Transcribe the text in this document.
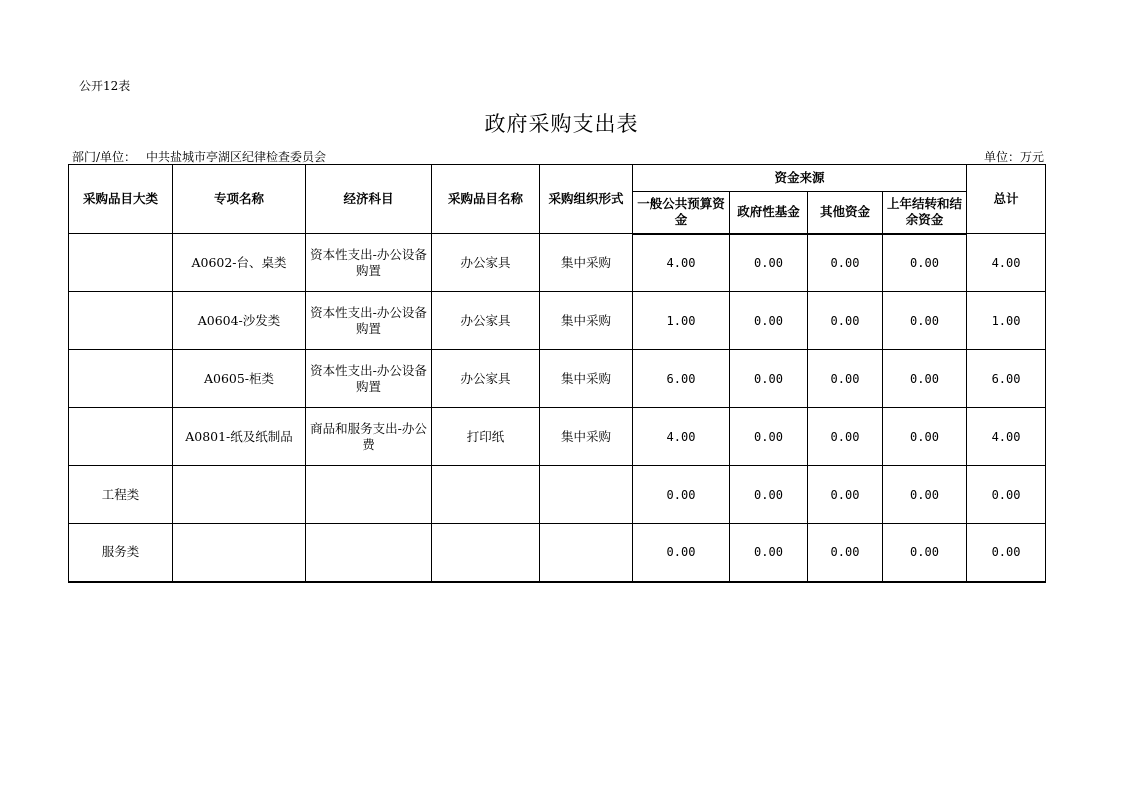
公开12表
政府采购支出表
部门/单位： 中共盐城市亭湖区纪律检查委员会	单位：万元
采购品目大类	专项名称	经济科目	采购品目名称	采购组织形式	资金来源				总计
					一般公共预算资金	政府性基金	其他资金	上年结转和结余资金	
	A0602-台、桌类	资本性支出-办公设备购置	办公家具	集中采购	4.00	0.00	0.00	0.00	4.00
	A0604-沙发类	资本性支出-办公设备购置	办公家具	集中采购	1.00	0.00	0.00	0.00	1.00
	A0605-柜类	资本性支出-办公设备购置	办公家具	集中采购	6.00	0.00	0.00	0.00	6.00
	A0801-纸及纸制品	商品和服务支出-办公费	打印纸	集中采购	4.00	0.00	0.00	0.00	4.00
工程类					0.00	0.00	0.00	0.00	0.00
服务类					0.00	0.00	0.00	0.00	0.00
